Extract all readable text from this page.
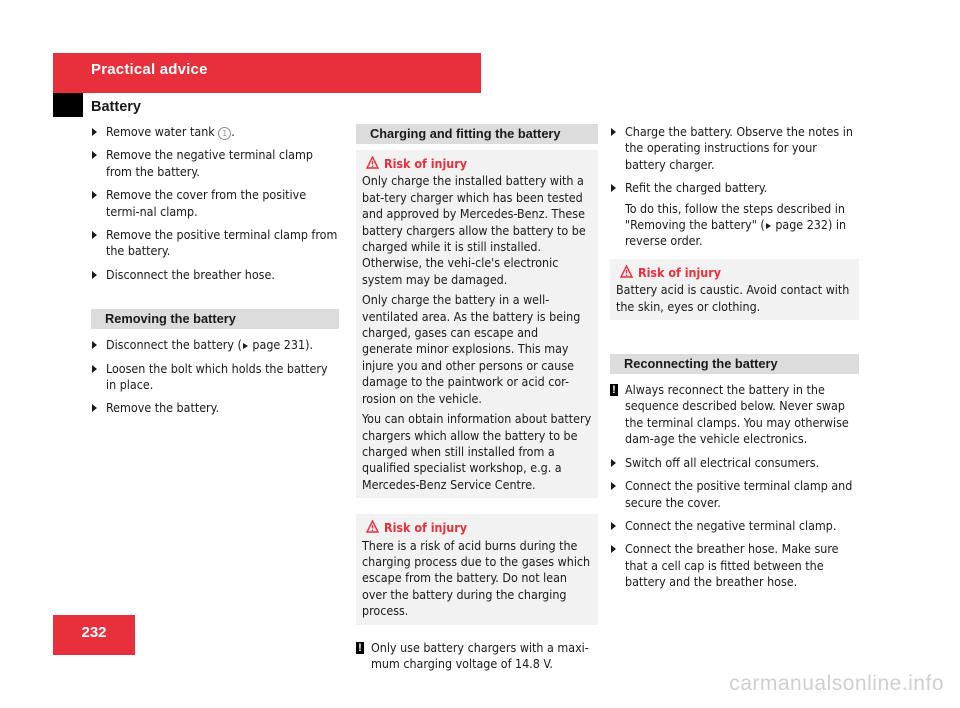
Practical advice
Battery
Remove water tank 1 .
Remove the negative terminal clamp from the battery.
Remove the cover from the positive termi-nal clamp.
Remove the positive terminal clamp from the battery.
Disconnect the breather hose.
Removing the battery
Disconnect the battery ( page 231).
Loosen the bolt which holds the battery in place.
Remove the battery.
Charging and fitting the battery
Risk of injury

Only charge the installed battery with a bat-tery charger which has been tested and approved by Mercedes-Benz. These battery chargers allow the battery to be charged while it is still installed. Otherwise, the vehi-cle's electronic system may be damaged.

Only charge the battery in a well-ventilated area. As the battery is being charged, gases can escape and generate minor explosions. This may injure you and other persons or cause damage to the paintwork or acid cor-rosion on the vehicle.

You can obtain information about battery chargers which allow the battery to be charged when still installed from a qualified specialist workshop, e.g. a Mercedes-Benz Service Centre.

Risk of injury

There is a risk of acid burns during the charging process due to the gases which escape from the battery. Do not lean over the battery during the charging process.

! Only use battery chargers with a maxi-mum charging voltage of 14.8 V.
Charge the battery. Observe the notes in the operating instructions for your battery charger.
Refit the charged battery.
To do this, follow the steps described in "Removing the battery" ( page 232) in reverse order.
Risk of injury

Battery acid is caustic. Avoid contact with the skin, eyes or clothing.

Reconnecting the battery
! Always reconnect the battery in the sequence described below. Never swap the terminal clamps. You may otherwise dam-age the vehicle electronics.
Switch off all electrical consumers.
Connect the positive terminal clamp and secure the cover.
Connect the negative terminal clamp.
Connect the breather hose. Make sure that a cell cap is fitted between the battery and the breather hose.
232
carmanualsonline.info
